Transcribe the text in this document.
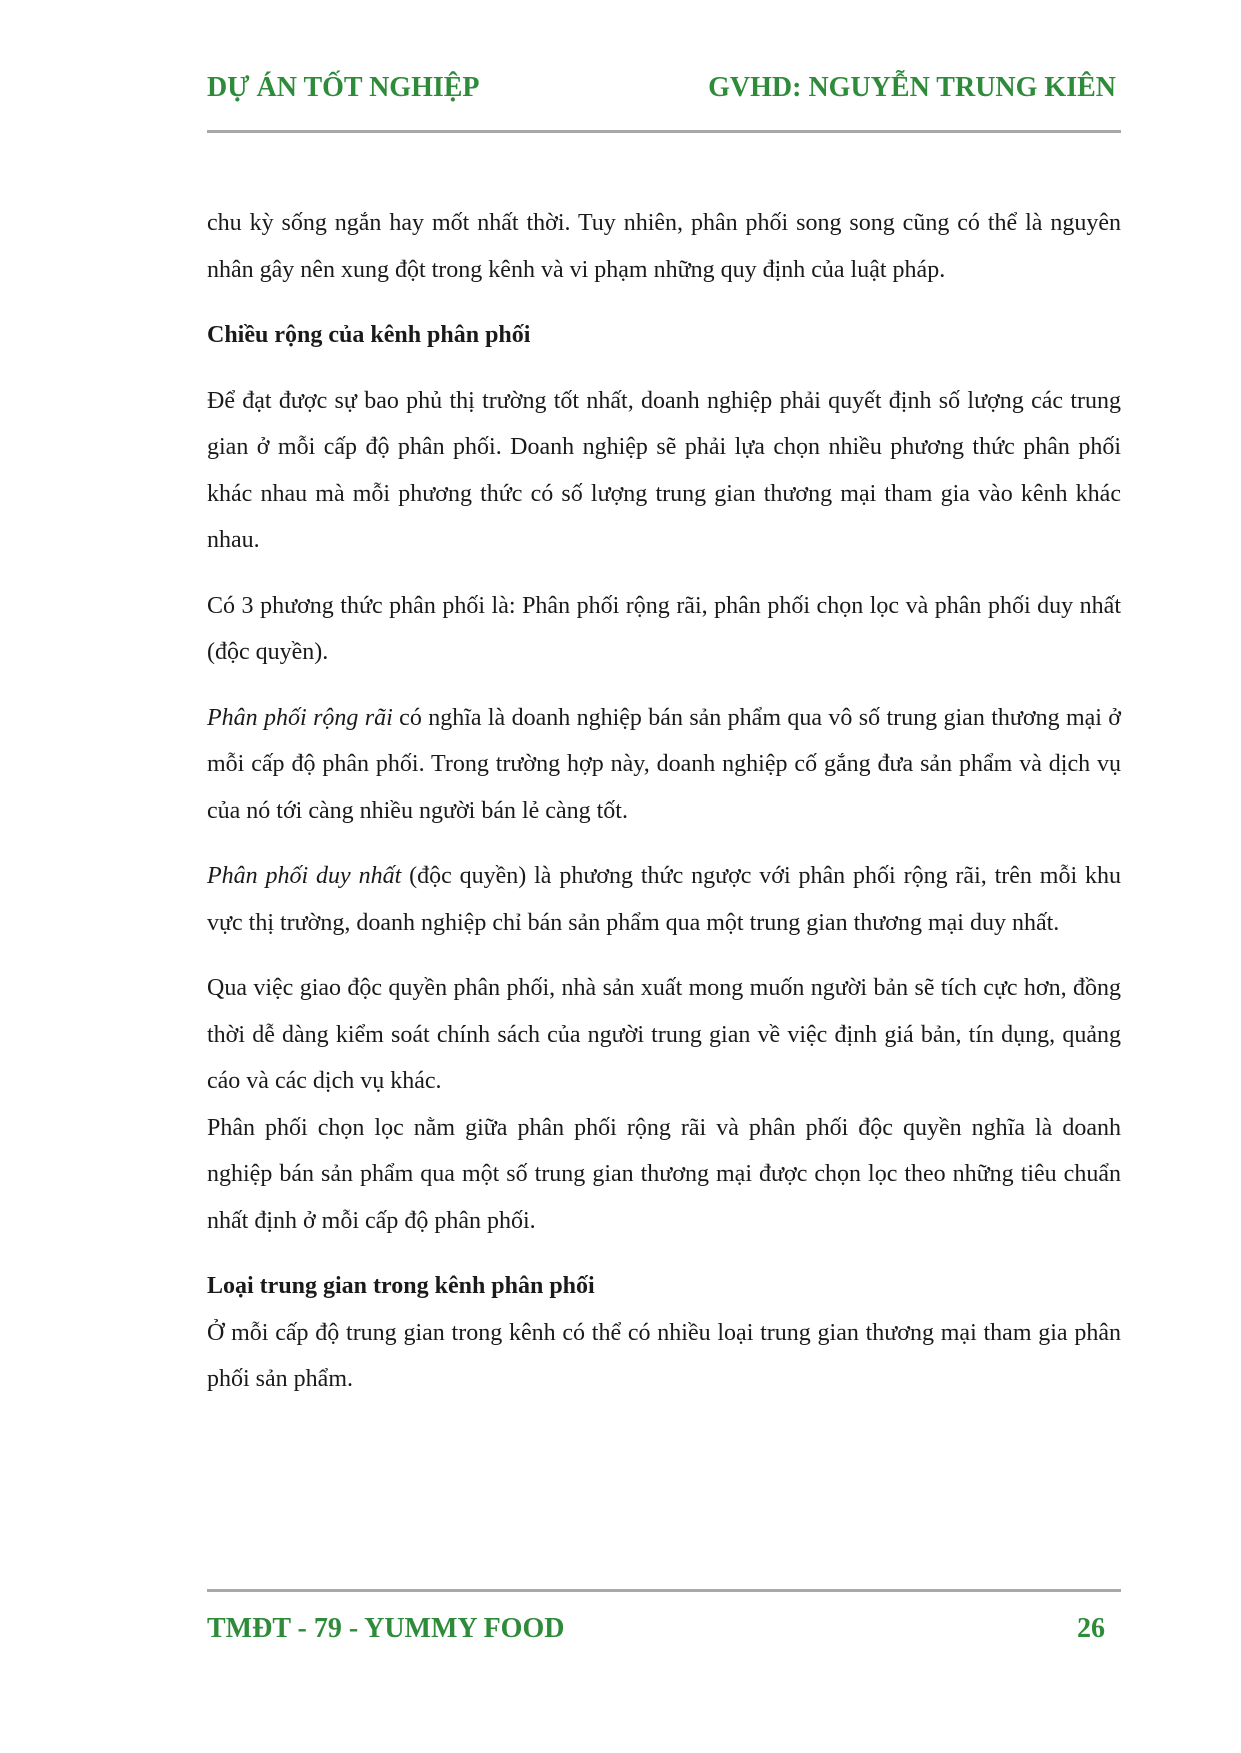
DỰ ÁN TỐT NGHIỆP	GVHD: NGUYỄN TRUNG KIÊN

chu kỳ sống ngắn hay mốt nhất thời. Tuy nhiên, phân phối song song cũng có thể là nguyên nhân gây nên xung đột trong kênh và vi phạm những quy định của luật pháp.

Chiều rộng của kênh phân phối

Để đạt được sự bao phủ thị trường tốt nhất, doanh nghiệp phải quyết định số lượng các trung gian ở mỗi cấp độ phân phối. Doanh nghiệp sẽ phải lựa chọn nhiều phương thức phân phối khác nhau mà mỗi phương thức có số lượng trung gian thương mại tham gia vào kênh khác nhau.

Có 3 phương thức phân phối là: Phân phối rộng rãi, phân phối chọn lọc và phân phối duy nhất (độc quyền).

Phân phối rộng rãi có nghĩa là doanh nghiệp bán sản phẩm qua vô số trung gian thương mại ở mỗi cấp độ phân phối. Trong trường hợp này, doanh nghiệp cố gắng đưa sản phẩm và dịch vụ của nó tới càng nhiều người bán lẻ càng tốt.

Phân phối duy nhất (độc quyền) là phương thức ngược với phân phối rộng rãi, trên mỗi khu vực thị trường, doanh nghiệp chỉ bán sản phẩm qua một trung gian thương mại duy nhất.

Qua việc giao độc quyền phân phối, nhà sản xuất mong muốn người bản sẽ tích cực hơn, đồng thời dễ dàng kiểm soát chính sách của người trung gian về việc định giá bản, tín dụng, quảng cáo và các dịch vụ khác.

Phân phối chọn lọc nằm giữa phân phối rộng rãi và phân phối độc quyền nghĩa là doanh nghiệp bán sản phẩm qua một số trung gian thương mại được chọn lọc theo những tiêu chuẩn nhất định ở mỗi cấp độ phân phối.

Loại trung gian trong kênh phân phối

Ở mỗi cấp độ trung gian trong kênh có thể có nhiều loại trung gian thương mại tham gia phân phối sản phẩm.

TMĐT - 79 - YUMMY FOOD	26
